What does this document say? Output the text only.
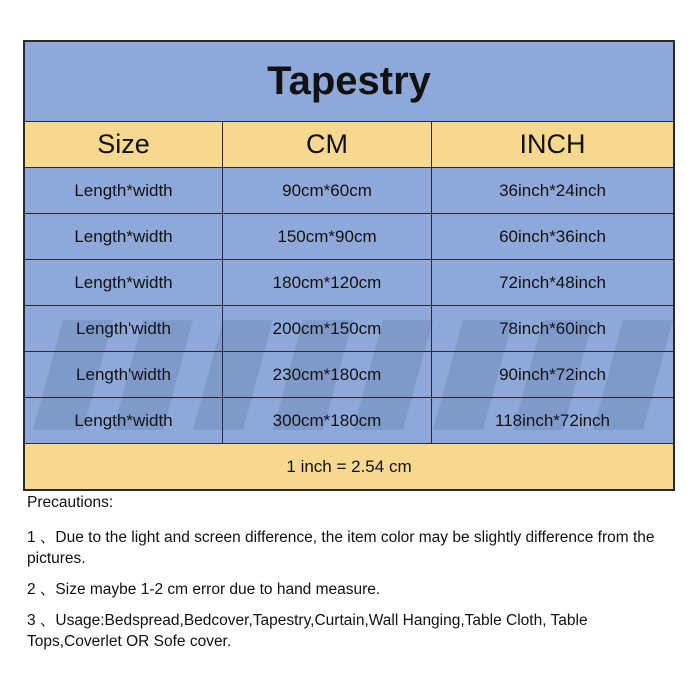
Tapestry
Size	CM	INCH
Length*width	90cm*60cm	36inch*24inch
Length*width	150cm*90cm	60inch*36inch
Length*width	180cm*120cm	72inch*48inch
Length'width	200cm*150cm	78inch*60inch
Length'width	230cm*180cm	90inch*72inch
Length*width	300cm*180cm	118inch*72inch
1 inch = 2.54 cm

Precautions:

1 、Due to the light and screen difference, the item color may be slightly difference from the pictures.

2 、Size maybe 1-2 cm error due to hand measure.

3 、Usage:Bedspread,Bedcover,Tapestry,Curtain,Wall Hanging,Table Cloth, Table Tops,Coverlet OR Sofe cover.
